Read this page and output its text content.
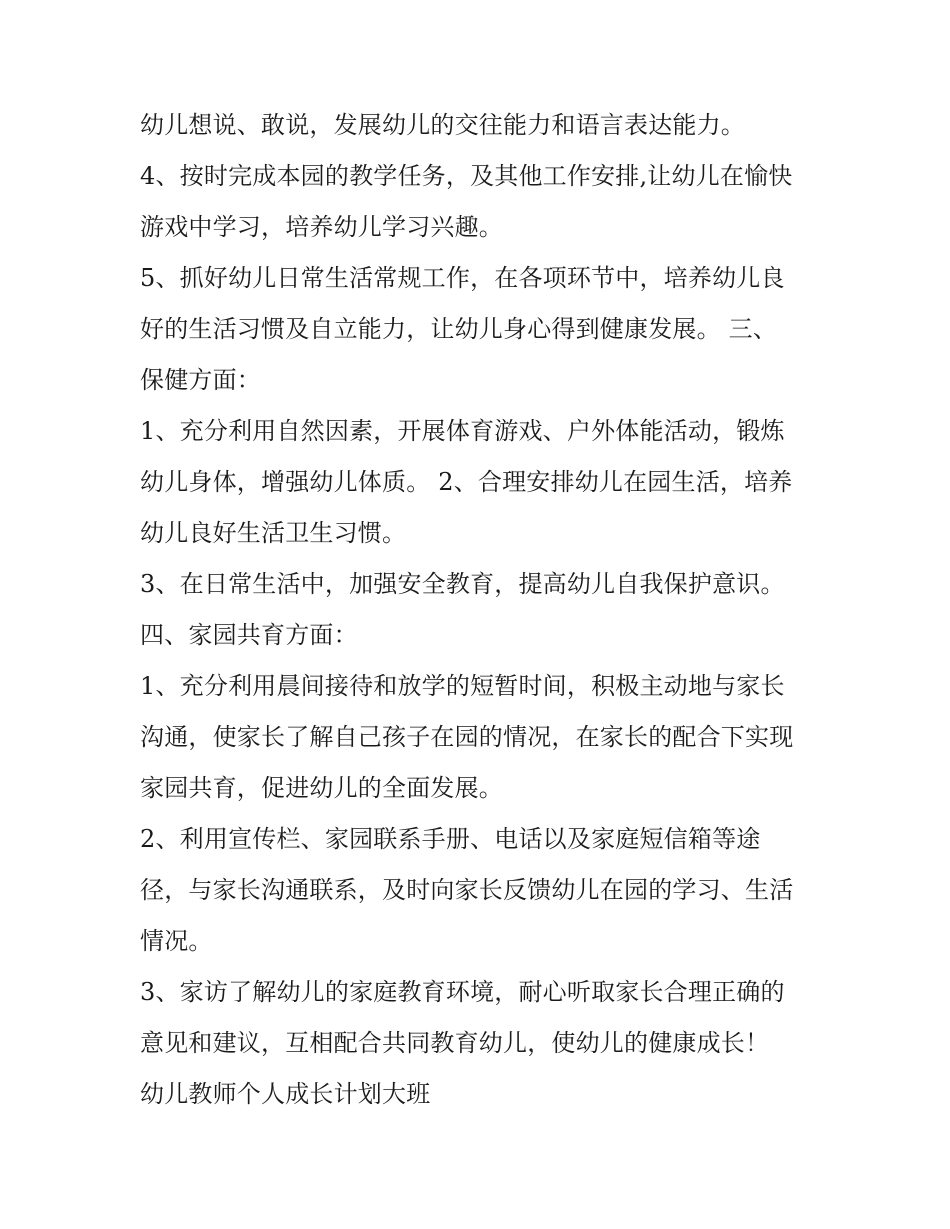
幼儿想说、敢说，发展幼儿的交往能力和语言表达能力。
4、按时完成本园的教学任务，及其他工作安排,让幼儿在愉快
游戏中学习，培养幼儿学习兴趣。
5、抓好幼儿日常生活常规工作，在各项环节中，培养幼儿良
好的生活习惯及自立能力，让幼儿身心得到健康发展。 三、
保健方面：
1、充分利用自然因素，开展体育游戏、户外体能活动，锻炼
幼儿身体，增强幼儿体质。 2、合理安排幼儿在园生活，培养
幼儿良好生活卫生习惯。
3、在日常生活中，加强安全教育，提高幼儿自我保护意识。
四、家园共育方面：
1、充分利用晨间接待和放学的短暂时间，积极主动地与家长
沟通，使家长了解自己孩子在园的情况，在家长的配合下实现
家园共育，促进幼儿的全面发展。
2、利用宣传栏、家园联系手册、电话以及家庭短信箱等途
径，与家长沟通联系，及时向家长反馈幼儿在园的学习、生活
情况。
3、家访了解幼儿的家庭教育环境，耐心听取家长合理正确的
意见和建议，互相配合共同教育幼儿，使幼儿的健康成长！
幼儿教师个人成长计划大班
